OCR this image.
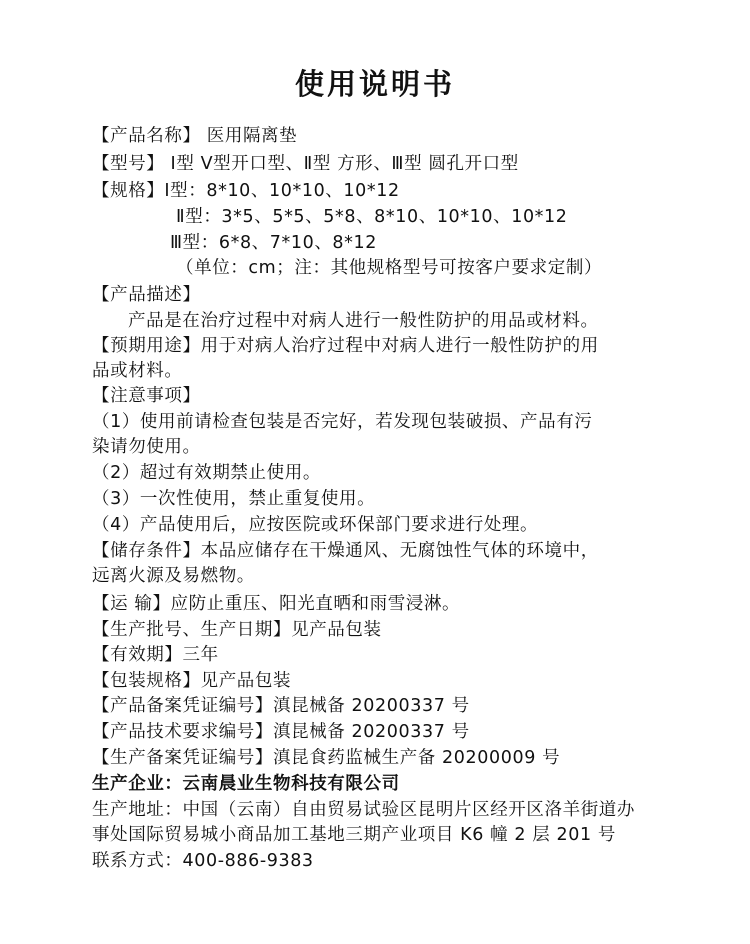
使用说明书
【产品名称】 医用隔离垫
【型号】 Ⅰ型 Ⅴ型开口型、Ⅱ型 方形、Ⅲ型 圆孔开口型
【规格】Ⅰ型：8*10、10*10、10*12
Ⅱ型：3*5、5*5、5*8、8*10、10*10、10*12
Ⅲ型：6*8、7*10、8*12
（单位：cm；注：其他规格型号可按客户要求定制）
【产品描述】
产品是在治疗过程中对病人进行一般性防护的用品或材料。
【预期用途】用于对病人治疗过程中对病人进行一般性防护的用
品或材料。
【注意事项】
（1）使用前请检查包装是否完好，若发现包装破损、产品有污
染请勿使用。
（2）超过有效期禁止使用。
（3）一次性使用，禁止重复使用。
（4）产品使用后，应按医院或环保部门要求进行处理。
【储存条件】本品应储存在干燥通风、无腐蚀性气体的环境中，
远离火源及易燃物。
【运 输】应防止重压、阳光直晒和雨雪浸淋。
【生产批号、生产日期】见产品包装
【有效期】三年
【包装规格】见产品包装
【产品备案凭证编号】滇昆械备 20200337 号
【产品技术要求编号】滇昆械备 20200337 号
【生产备案凭证编号】滇昆食药监械生产备 20200009 号
生产企业：云南晨业生物科技有限公司
生产地址：中国（云南）自由贸易试验区昆明片区经开区洛羊街道办
事处国际贸易城小商品加工基地三期产业项目 K6 幢 2 层 201 号
联系方式：400-886-9383
